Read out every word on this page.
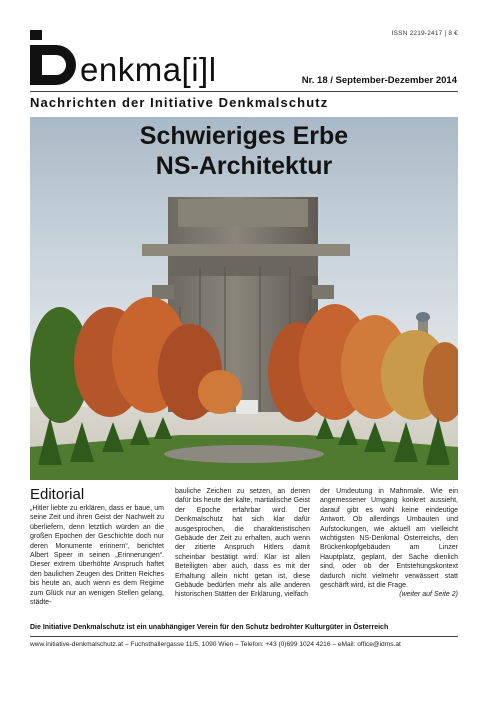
ISSN 2219-2417 | 8 €
enkma[i]l	Nr. 18 / September-Dezember 2014
Nachrichten der Initiative Denkmalschutz
Schwieriges Erbe
NS-Architektur
Editorial
„Hitler liebte zu erklären, dass er baue, um seine Zeit und ihren Geist der Nachwelt zu überliefern, denn letztlich würden an die großen Epochen der Geschichte doch nur deren Monumente erinnern“, berichtet Albert Speer in seinen „Erinnerungen“. Dieser extrem überhöhte Anspruch haftet den baulichen Zeugen des Dritten Reiches bis heute an, auch wenn es dem Regime zum Glück nur an wenigen Stellen gelang, städte-
bauliche Zeichen zu setzen, an denen dafür bis heute der kalte, martialische Geist der Epoche erfahrbar wird. Der Denkmalschutz hat sich klar dafür ausgesprochen, die charakteristischen Gebäude der Zeit zu erhalten, auch wenn der zitierte Anspruch Hitlers damit scheinbar bestätigt wird. Klar ist allen Beteiligten aber auch, dass es mit der Erhaltung allein nicht getan ist, diese Gebäude bedürfen mehr als alle anderen historischen Stätten der Erklärung, vielfach
der Umdeutung in Mahnmale. Wie ein angemessener Umgang konkret aussieht, darauf gibt es wohl keine eindeutige Antwort. Ob allerdings Umbauten und Aufstockungen, wie aktuell am vielleicht wichtigsten NS-Denkmal Österreichs, den Brückenkopfgebäuden am Linzer Hauptplatz, geplant, der Sache dienlich sind, oder ob der Entstehungskontext dadurch nicht vielmehr verwässert statt geschärft wird, ist die Frage.
(weiter auf Seite 2)
Die Initiative Denkmalschutz ist ein unabhängiger Verein für den Schutz bedrohter Kulturgüter in Österreich
www.initiative-denkmalschutz.at – Fuchsthallergasse 11/5, 1090 Wien – Telefon: +43 (0)699 1024 4216 – eMail: office@idms.at
